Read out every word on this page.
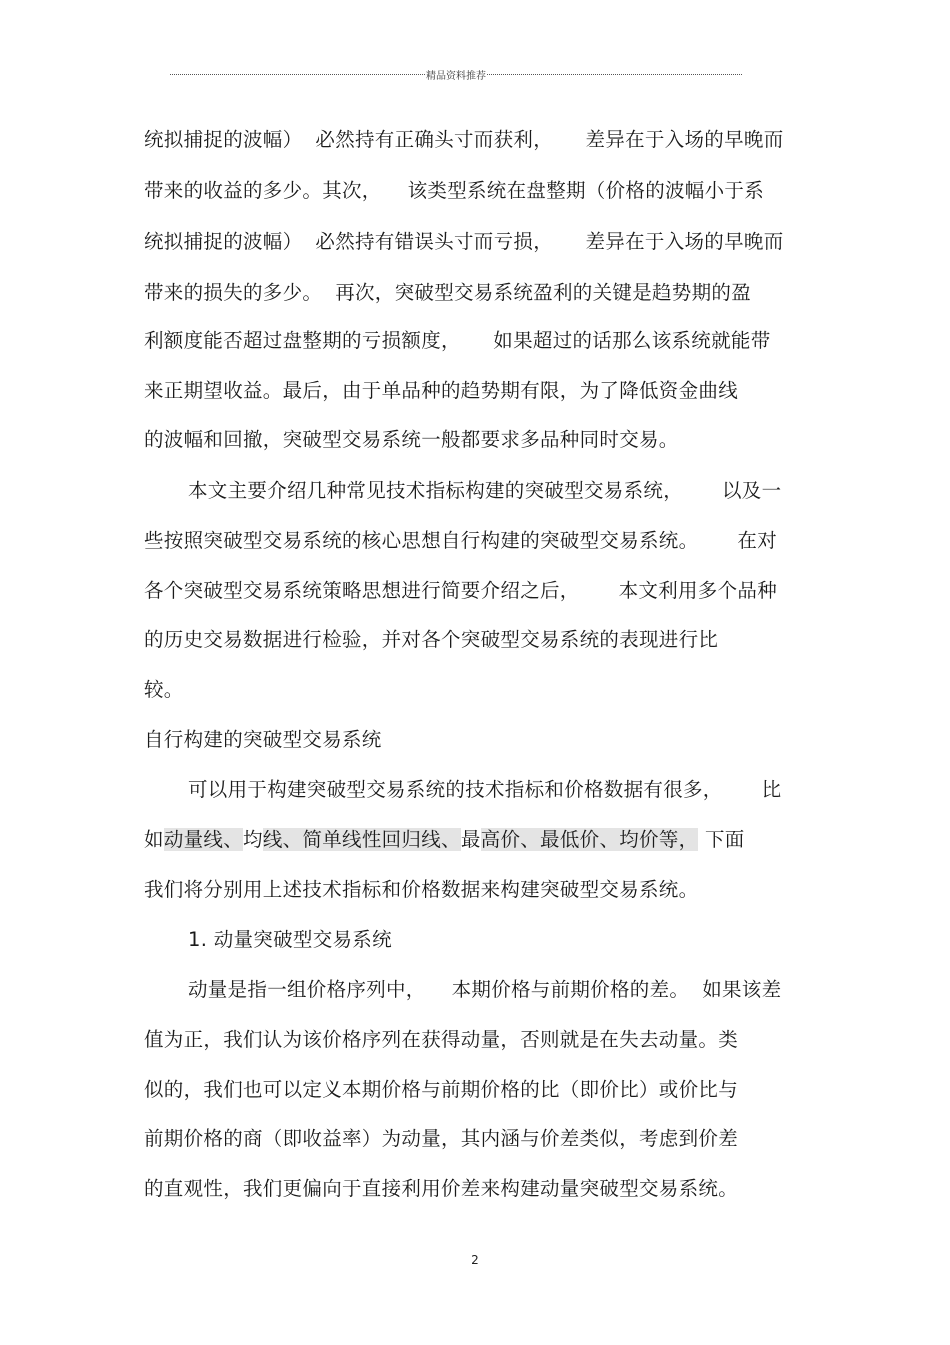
精品资料推荐
统拟捕捉的波幅）  必然持有正确头寸而获利，     差异在于入场的早晚而
带来的收益的多少。其次，    该类型系统在盘整期（价格的波幅小于系
统拟捕捉的波幅）  必然持有错误头寸而亏损，     差异在于入场的早晚而
带来的损失的多少。  再次，突破型交易系统盈利的关键是趋势期的盈
利额度能否超过盘整期的亏损额度，     如果超过的话那么该系统就能带
来正期望收益。最后，由于单品种的趋势期有限，为了降低资金曲线
的波幅和回撤，突破型交易系统一般都要求多品种同时交易。
本文主要介绍几种常见技术指标构建的突破型交易系统，      以及一
些按照突破型交易系统的核心思想自行构建的突破型交易系统。      在对
各个突破型交易系统策略思想进行简要介绍之后，      本文利用多个品种
的历史交易数据进行检验，并对各个突破型交易系统的表现进行比
较。
自行构建的突破型交易系统
可以用于构建突破型交易系统的技术指标和价格数据有很多，      比
如动量线、均线、简单线性回归线、最高价、最低价、均价等， 下面
我们将分别用上述技术指标和价格数据来构建突破型交易系统。
1. 动量突破型交易系统
动量是指一组价格序列中，    本期价格与前期价格的差。  如果该差
值为正，我们认为该价格序列在获得动量，否则就是在失去动量。类
似的，我们也可以定义本期价格与前期价格的比（即价比）或价比与
前期价格的商（即收益率）为动量，其内涵与价差类似，考虑到价差
的直观性，我们更偏向于直接利用价差来构建动量突破型交易系统。
2
